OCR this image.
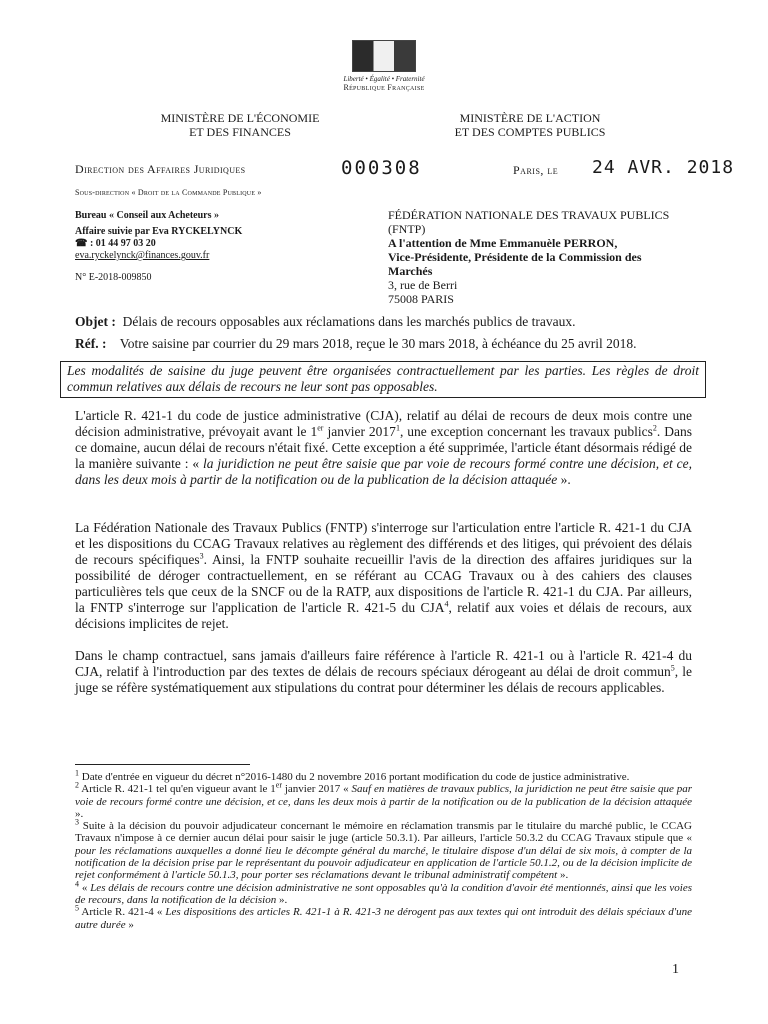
Liberté • Égalité • Fraternité
République Française
MINISTÈRE DE L'ÉCONOMIE
ET DES FINANCES
MINISTÈRE DE L'ACTION
ET DES COMPTES PUBLICS
Direction des Affaires Juridiques	000308	Paris, le 24 AVR. 2018
Sous-direction « Droit de la Commande Publique »
Bureau « Conseil aux Acheteurs »
Affaire suivie par Eva RYCKELYNCK
☎ : 01 44 97 03 20
eva.ryckelynck@finances.gouv.fr
N° E-2018-009850
FÉDÉRATION NATIONALE DES TRAVAUX PUBLICS (FNTP)
A l'attention de Mme Emmanuèle PERRON,
Vice-Présidente, Présidente de la Commission des
Marchés
3, rue de Berri
75008 PARIS
Objet : Délais de recours opposables aux réclamations dans les marchés publics de travaux.
Réf. : Votre saisine par courrier du 29 mars 2018, reçue le 30 mars 2018, à échéance du 25 avril 2018.
Les modalités de saisine du juge peuvent être organisées contractuellement par les parties. Les règles de droit commun relatives aux délais de recours ne leur sont pas opposables.
L'article R. 421-1 du code de justice administrative (CJA), relatif au délai de recours de deux mois contre une décision administrative, prévoyait avant le 1er janvier 2017$^1$, une exception concernant les travaux publics$^2$. Dans ce domaine, aucun délai de recours n'était fixé. Cette exception a été supprimée, l'article étant désormais rédigé de la manière suivante : « la juridiction ne peut être saisie que par voie de recours formé contre une décision, et ce, dans les deux mois à partir de la notification ou de la publication de la décision attaquée ».
La Fédération Nationale des Travaux Publics (FNTP) s'interroge sur l'articulation entre l'article R. 421-1 du CJA et les dispositions du CCAG Travaux relatives au règlement des différends et des litiges, qui prévoient des délais de recours spécifiques$^3$. Ainsi, la FNTP souhaite recueillir l'avis de la direction des affaires juridiques sur la possibilité de déroger contractuellement, en se référant au CCAG Travaux ou à des cahiers des clauses particulières tels que ceux de la SNCF ou de la RATP, aux dispositions de l'article R. 421-1 du CJA. Par ailleurs, la FNTP s'interroge sur l'application de l'article R. 421-5 du CJA$^4$, relatif aux voies et délais de recours, aux décisions implicites de rejet.
Dans le champ contractuel, sans jamais d'ailleurs faire référence à l'article R. 421-1 ou à l'article R. 421-4 du CJA, relatif à l'introduction par des textes de délais de recours spéciaux dérogeant au délai de droit commun$^5$, le juge se réfère systématiquement aux stipulations du contrat pour déterminer les délais de recours applicables.

$^1$ Date d'entrée en vigueur du décret n°2016-1480 du 2 novembre 2016 portant modification du code de justice administrative.

$^2$ Article R. 421-1 tel qu'en vigueur avant le 1er janvier 2017 « Sauf en matières de travaux publics, la juridiction ne peut être saisie que par voie de recours formé contre une décision, et ce, dans les deux mois à partir de la notification ou de la publication de la décision attaquée ».

$^3$ Suite à la décision du pouvoir adjudicateur concernant le mémoire en réclamation transmis par le titulaire du marché public, le CCAG Travaux n'impose à ce dernier aucun délai pour saisir le juge (article 50.3.1). Par ailleurs, l'article 50.3.2 du CCAG Travaux stipule que « pour les réclamations auxquelles a donné lieu le décompte général du marché, le titulaire dispose d'un délai de six mois, à compter de la notification de la décision prise par le représentant du pouvoir adjudicateur en application de l'article 50.1.2, ou de la décision implicite de rejet conformément à l'article 50.1.3, pour porter ses réclamations devant le tribunal administratif compétent ».

$^4$ « Les délais de recours contre une décision administrative ne sont opposables qu'à la condition d'avoir été mentionnés, ainsi que les voies de recours, dans la notification de la décision ».

$^5$ Article R. 421-4 « Les dispositions des articles R. 421-1 à R. 421-3 ne dérogent pas aux textes qui ont introduit des délais spéciaux d'une autre durée »

1
